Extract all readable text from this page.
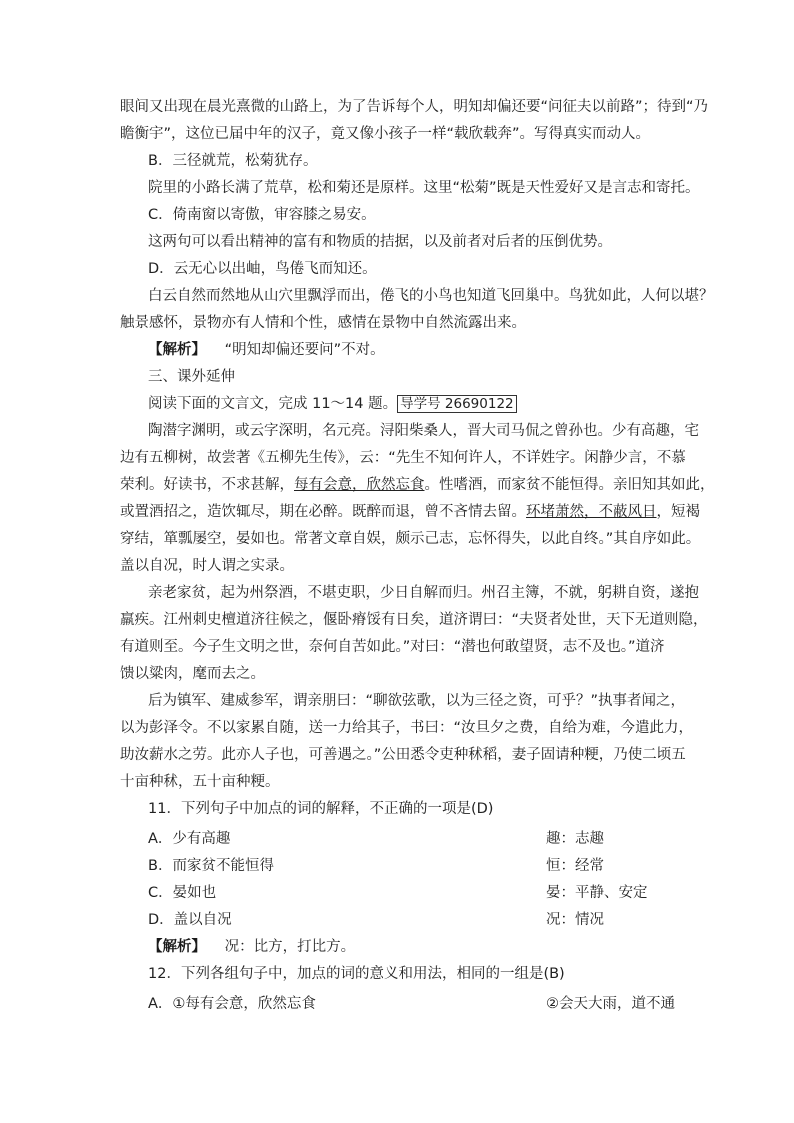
眼间又出现在晨光熹微的山路上，为了告诉每个人，明知却偏还要“问征夫以前路”；待到“乃
瞻衡宇”，这位已届中年的汉子，竟又像小孩子一样“载欣载奔”。写得真实而动人。
B．三径就荒，松菊犹存。
院里的小路长满了荒草，松和菊还是原样。这里“松菊”既是天性爱好又是言志和寄托。
C．倚南窗以寄傲，审容膝之易安。
这两句可以看出精神的富有和物质的拮据，以及前者对后者的压倒优势。
D．云无心以出岫，鸟倦飞而知还。
白云自然而然地从山穴里飘浮而出，倦飞的小鸟也知道飞回巢中。鸟犹如此，人何以堪？
触景感怀，景物亦有人情和个性，感情在景物中自然流露出来。
【解析】 “明知却偏还要问”不对。
三、课外延伸
阅读下面的文言文，完成 11～14 题。 导学号 26690122
陶潜字渊明，或云字深明，名元亮。浔阳柴桑人，晋大司马侃之曾孙也。少有高趣，宅
边有五柳树，故尝著《五柳先生传》，云：“先生不知何许人，不详姓字。闲静少言，不慕
荣利。好读书，不求甚解，每有会意，欣然忘食。性嗜酒，而家贫不能恒得。亲旧知其如此，
或置酒招之，造饮辄尽，期在必醉。既醉而退，曾不吝情去留。环堵萧然，不蔽风日，短褐
穿结，箪瓢屡空，晏如也。常著文章自娱，颇示己志，忘怀得失，以此自终。”其自序如此。
盖以自况，时人谓之实录。
亲老家贫，起为州祭酒，不堪吏职，少日自解而归。州召主簿，不就，躬耕自资，遂抱
羸疾。江州刺史檀道济往候之，偃卧瘠馁有日矣，道济谓曰：“夫贤者处世，天下无道则隐，
有道则至。今子生文明之世，奈何自苦如此。”对曰：“潜也何敢望贤，志不及也。”道济
馈以粱肉，麾而去之。
后为镇军、建威参军，谓亲朋曰：“聊欲弦歌，以为三径之资，可乎？”执事者闻之，
以为彭泽令。不以家累自随，送一力给其子，书曰：“汝旦夕之费，自给为难，今遣此力，
助汝薪水之劳。此亦人子也，可善遇之。”公田悉令吏种秫稻，妻子固请种粳，乃使二顷五
十亩种秫，五十亩种粳。
11．下列句子中加点的词的解释，不正确的一项是(D)
A．少有高趣	趣：志趣
B．而家贫不能恒得	恒：经常
C．晏如也	晏：平静、安定
D．盖以自况	况：情况
【解析】 况：比方，打比方。
12．下列各组句子中，加点的词的意义和用法，相同的一组是(B)
A．①每有会意，欣然忘食	②会天大雨，道不通
